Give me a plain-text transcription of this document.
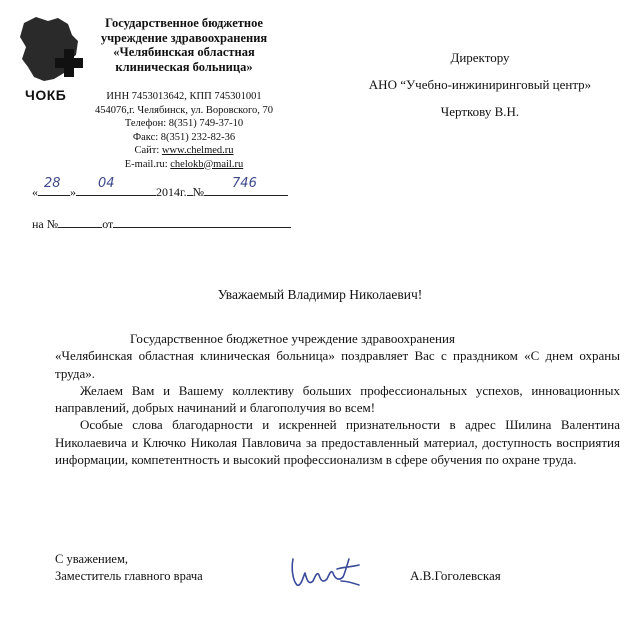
ЧОКБ
Государственное бюджетное
учреждение здравоохранения
«Челябинская областная
клиническая больница»
ИНН 7453013642, КПП 745301001
454076,г. Челябинск, ул. Воровского, 70
Телефон: 8(351) 749-37-10
Факс: 8(351) 232-82-36
Сайт: www.chelmed.ru
E-mail.ru: chelokb@mail.ru
Директору
АНО “Учебно-инжиниринговый центр»
Черткову В.Н.
«
28
»
04
2014г. №
746
на №	от
Уважаемый Владимир Николаевич!

Государственное бюджетное учреждение здравоохранения

«Челябинская областная клиническая больница» поздравляет Вас с праздником «С днем охраны труда».

Желаем Вам и Вашему коллективу больших профессиональных успехов, инновационных направлений, добрых начинаний и благополучия во всем!

Особые слова благодарности и искренней признательности в адрес Шилина Валентина Николаевича и Ключко Николая Павловича за предоставленный материал, доступность восприятия информации, компетентность и высокий профессионализм в сфере обучения по охране труда.

С уважением,
Заместитель главного врача	А.В.Гоголевская
